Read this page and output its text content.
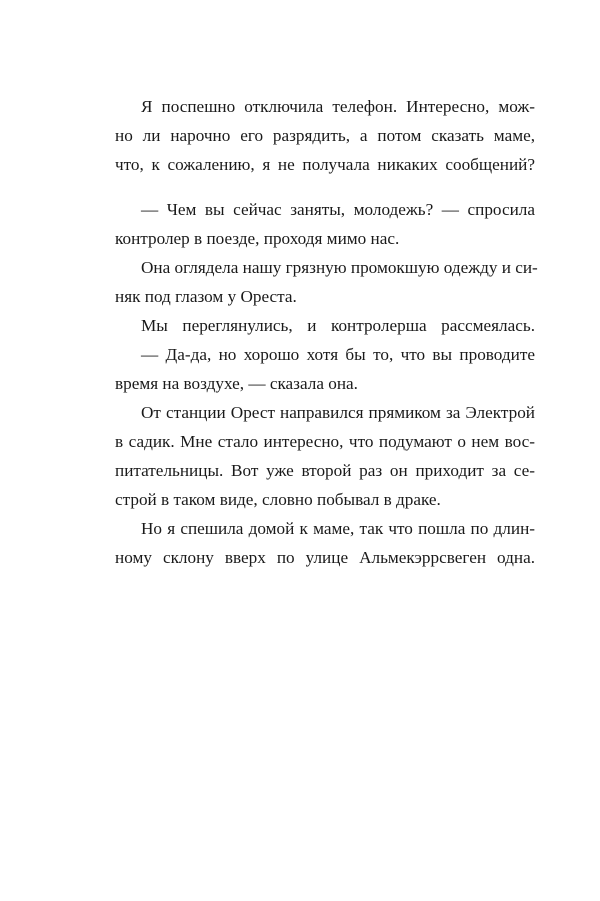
Я поспешно отключила телефон. Интересно, мож-
но ли нарочно его разрядить, а потом сказать маме,
что, к сожалению, я не получала никаких сообщений?
— Чем вы сейчас заняты, молодежь? — спросила
контролер в поезде, проходя мимо нас.
Она оглядела нашу грязную промокшую одежду и си-
няк под глазом у Ореста.
Мы переглянулись, и контролерша рассмеялась.
— Да-да, но хорошо хотя бы то, что вы проводите
время на воздухе, — сказала она.
От станции Орест направился прямиком за Электрой
в садик. Мне стало интересно, что подумают о нем вос-
питательницы. Вот уже второй раз он приходит за се-
строй в таком виде, словно побывал в драке.
Но я спешила домой к маме, так что пошла по длин-
ному склону вверх по улице Альмекэррсвеген одна.
